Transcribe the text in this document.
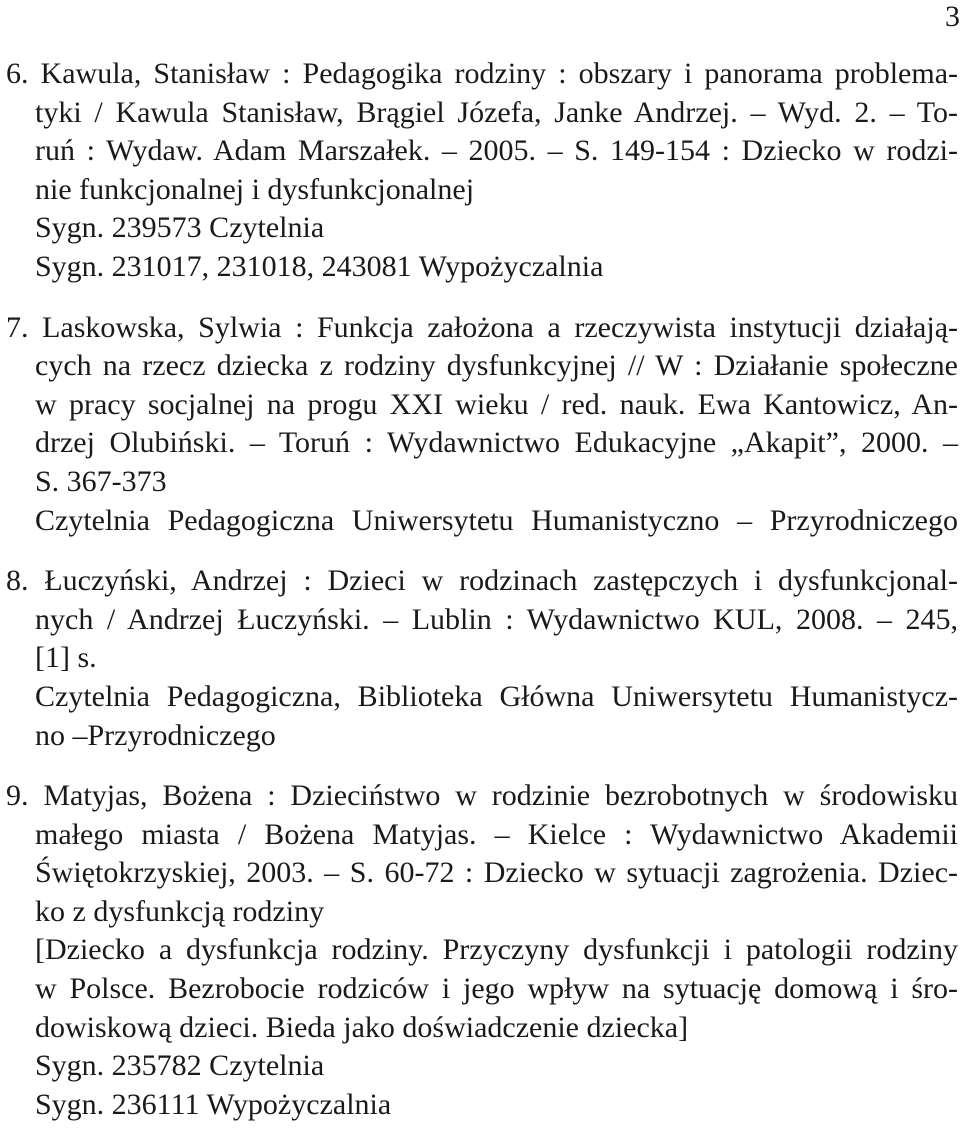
3
6. Kawula, Stanisław : Pedagogika rodziny : obszary i panorama problema-
tyki / Kawula Stanisław, Brągiel Józefa, Janke Andrzej. – Wyd. 2. – To-
ruń : Wydaw. Adam Marszałek. – 2005. – S. 149-154 : Dziecko w rodzi-
nie funkcjonalnej i dysfunkcjonalnej
Sygn. 239573 Czytelnia
Sygn. 231017, 231018, 243081 Wypożyczalnia
7. Laskowska, Sylwia : Funkcja założona a rzeczywista instytucji działają-
cych na rzecz dziecka z rodziny dysfunkcyjnej // W : Działanie społeczne
w pracy socjalnej na progu XXI wieku / red. nauk. Ewa Kantowicz, An-
drzej Olubiński. – Toruń : Wydawnictwo Edukacyjne „Akapit”, 2000. –
S. 367-373
Czytelnia Pedagogiczna Uniwersytetu Humanistyczno – Przyrodniczego
8. Łuczyński, Andrzej : Dzieci w rodzinach zastępczych i dysfunkcjonal-
nych / Andrzej Łuczyński. – Lublin : Wydawnictwo KUL, 2008. – 245,
[1] s.
Czytelnia Pedagogiczna, Biblioteka Główna Uniwersytetu Humanistycz-
no –Przyrodniczego
9. Matyjas, Bożena : Dzieciństwo w rodzinie bezrobotnych w środowisku
małego miasta / Bożena Matyjas. – Kielce : Wydawnictwo Akademii
Świętokrzyskiej, 2003. – S. 60-72 : Dziecko w sytuacji zagrożenia. Dziec-
ko z dysfunkcją rodziny
[Dziecko a dysfunkcja rodziny. Przyczyny dysfunkcji i patologii rodziny
w Polsce. Bezrobocie rodziców i jego wpływ na sytuację domową i śro-
dowiskową dzieci. Bieda jako doświadczenie dziecka]
Sygn. 235782 Czytelnia
Sygn. 236111 Wypożyczalnia
